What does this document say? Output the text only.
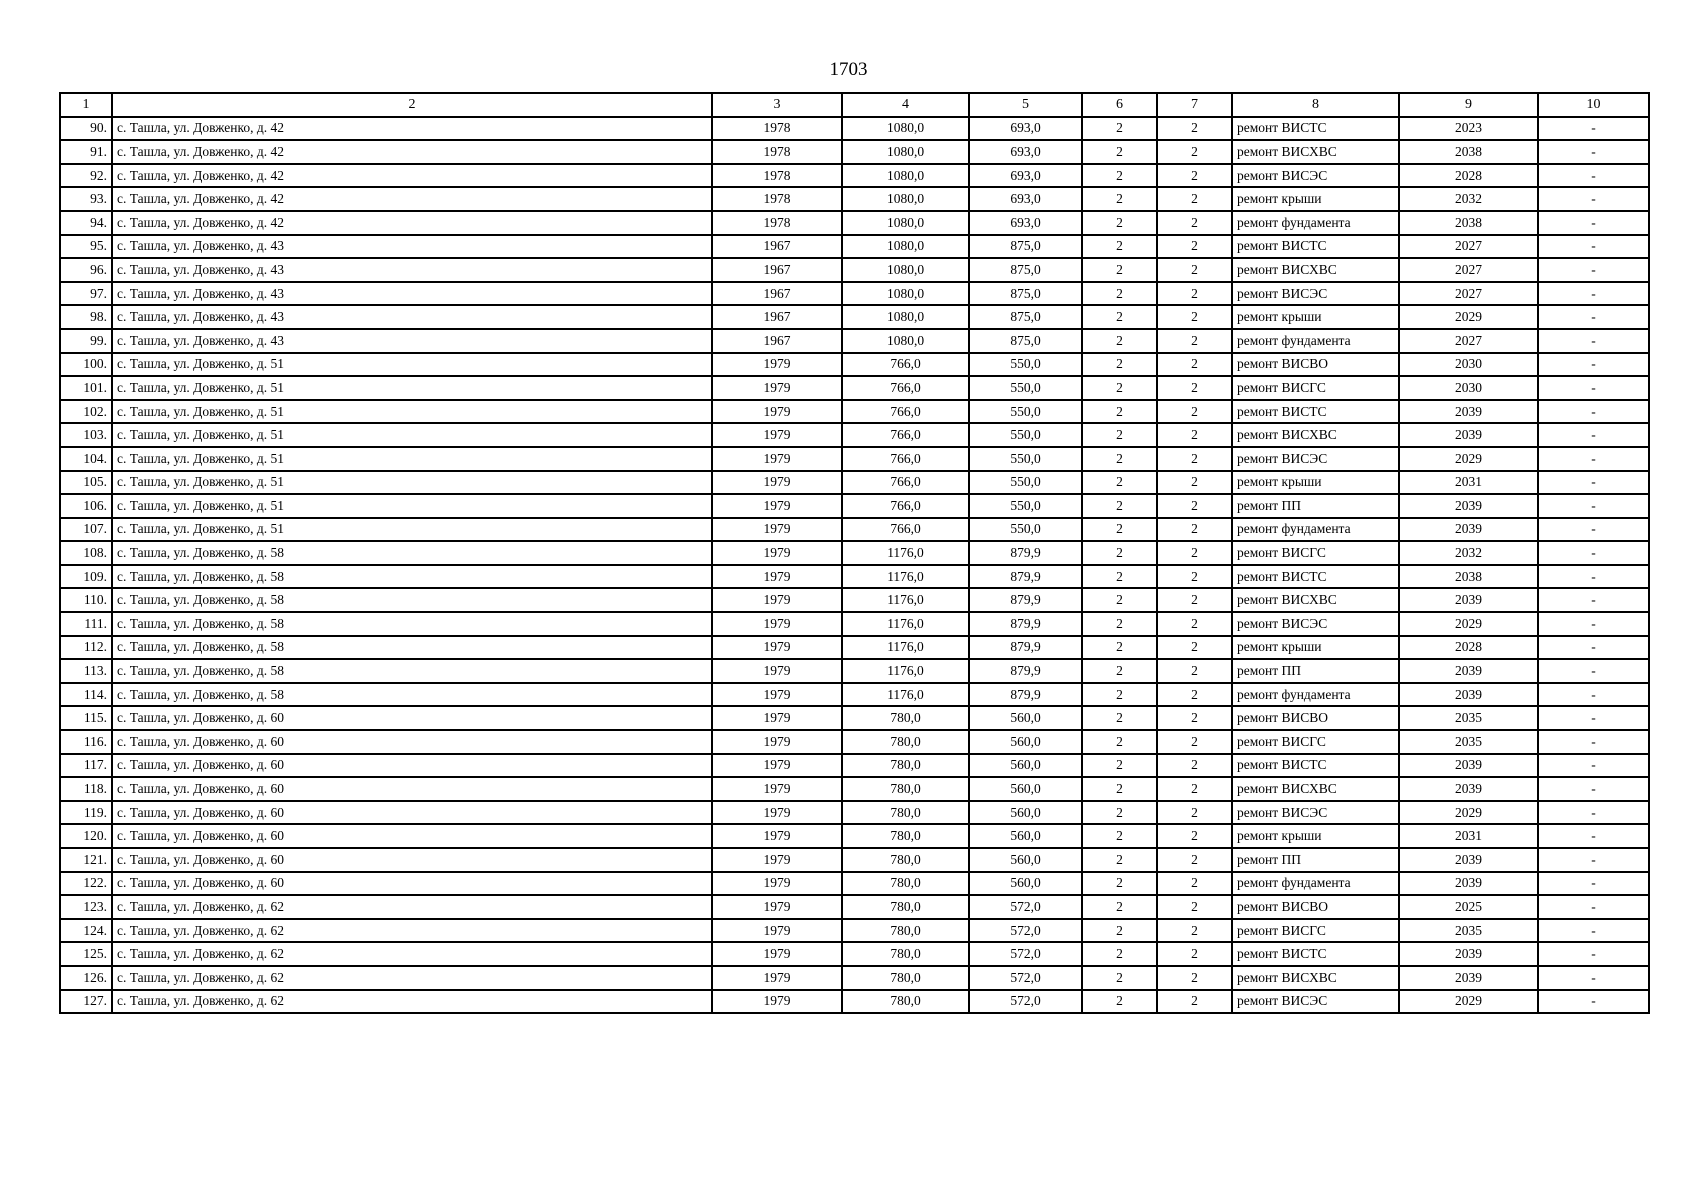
1703
1	2	3	4	5	6	7	8	9	10
90.	с. Ташла, ул. Довженко, д. 42	1978	1080,0	693,0	2	2	ремонт ВИСТС	2023	-
91.	с. Ташла, ул. Довженко, д. 42	1978	1080,0	693,0	2	2	ремонт ВИСХВС	2038	-
92.	с. Ташла, ул. Довженко, д. 42	1978	1080,0	693,0	2	2	ремонт ВИСЭС	2028	-
93.	с. Ташла, ул. Довженко, д. 42	1978	1080,0	693,0	2	2	ремонт крыши	2032	-
94.	с. Ташла, ул. Довженко, д. 42	1978	1080,0	693,0	2	2	ремонт фундамента	2038	-
95.	с. Ташла, ул. Довженко, д. 43	1967	1080,0	875,0	2	2	ремонт ВИСТС	2027	-
96.	с. Ташла, ул. Довженко, д. 43	1967	1080,0	875,0	2	2	ремонт ВИСХВС	2027	-
97.	с. Ташла, ул. Довженко, д. 43	1967	1080,0	875,0	2	2	ремонт ВИСЭС	2027	-
98.	с. Ташла, ул. Довженко, д. 43	1967	1080,0	875,0	2	2	ремонт крыши	2029	-
99.	с. Ташла, ул. Довженко, д. 43	1967	1080,0	875,0	2	2	ремонт фундамента	2027	-
100.	с. Ташла, ул. Довженко, д. 51	1979	766,0	550,0	2	2	ремонт ВИСВО	2030	-
101.	с. Ташла, ул. Довженко, д. 51	1979	766,0	550,0	2	2	ремонт ВИСГС	2030	-
102.	с. Ташла, ул. Довженко, д. 51	1979	766,0	550,0	2	2	ремонт ВИСТС	2039	-
103.	с. Ташла, ул. Довженко, д. 51	1979	766,0	550,0	2	2	ремонт ВИСХВС	2039	-
104.	с. Ташла, ул. Довженко, д. 51	1979	766,0	550,0	2	2	ремонт ВИСЭС	2029	-
105.	с. Ташла, ул. Довженко, д. 51	1979	766,0	550,0	2	2	ремонт крыши	2031	-
106.	с. Ташла, ул. Довженко, д. 51	1979	766,0	550,0	2	2	ремонт ПП	2039	-
107.	с. Ташла, ул. Довженко, д. 51	1979	766,0	550,0	2	2	ремонт фундамента	2039	-
108.	с. Ташла, ул. Довженко, д. 58	1979	1176,0	879,9	2	2	ремонт ВИСГС	2032	-
109.	с. Ташла, ул. Довженко, д. 58	1979	1176,0	879,9	2	2	ремонт ВИСТС	2038	-
110.	с. Ташла, ул. Довженко, д. 58	1979	1176,0	879,9	2	2	ремонт ВИСХВС	2039	-
111.	с. Ташла, ул. Довженко, д. 58	1979	1176,0	879,9	2	2	ремонт ВИСЭС	2029	-
112.	с. Ташла, ул. Довженко, д. 58	1979	1176,0	879,9	2	2	ремонт крыши	2028	-
113.	с. Ташла, ул. Довженко, д. 58	1979	1176,0	879,9	2	2	ремонт ПП	2039	-
114.	с. Ташла, ул. Довженко, д. 58	1979	1176,0	879,9	2	2	ремонт фундамента	2039	-
115.	с. Ташла, ул. Довженко, д. 60	1979	780,0	560,0	2	2	ремонт ВИСВО	2035	-
116.	с. Ташла, ул. Довженко, д. 60	1979	780,0	560,0	2	2	ремонт ВИСГС	2035	-
117.	с. Ташла, ул. Довженко, д. 60	1979	780,0	560,0	2	2	ремонт ВИСТС	2039	-
118.	с. Ташла, ул. Довженко, д. 60	1979	780,0	560,0	2	2	ремонт ВИСХВС	2039	-
119.	с. Ташла, ул. Довженко, д. 60	1979	780,0	560,0	2	2	ремонт ВИСЭС	2029	-
120.	с. Ташла, ул. Довженко, д. 60	1979	780,0	560,0	2	2	ремонт крыши	2031	-
121.	с. Ташла, ул. Довженко, д. 60	1979	780,0	560,0	2	2	ремонт ПП	2039	-
122.	с. Ташла, ул. Довженко, д. 60	1979	780,0	560,0	2	2	ремонт фундамента	2039	-
123.	с. Ташла, ул. Довженко, д. 62	1979	780,0	572,0	2	2	ремонт ВИСВО	2025	-
124.	с. Ташла, ул. Довженко, д. 62	1979	780,0	572,0	2	2	ремонт ВИСГС	2035	-
125.	с. Ташла, ул. Довженко, д. 62	1979	780,0	572,0	2	2	ремонт ВИСТС	2039	-
126.	с. Ташла, ул. Довженко, д. 62	1979	780,0	572,0	2	2	ремонт ВИСХВС	2039	-
127.	с. Ташла, ул. Довженко, д. 62	1979	780,0	572,0	2	2	ремонт ВИСЭС	2029	-
